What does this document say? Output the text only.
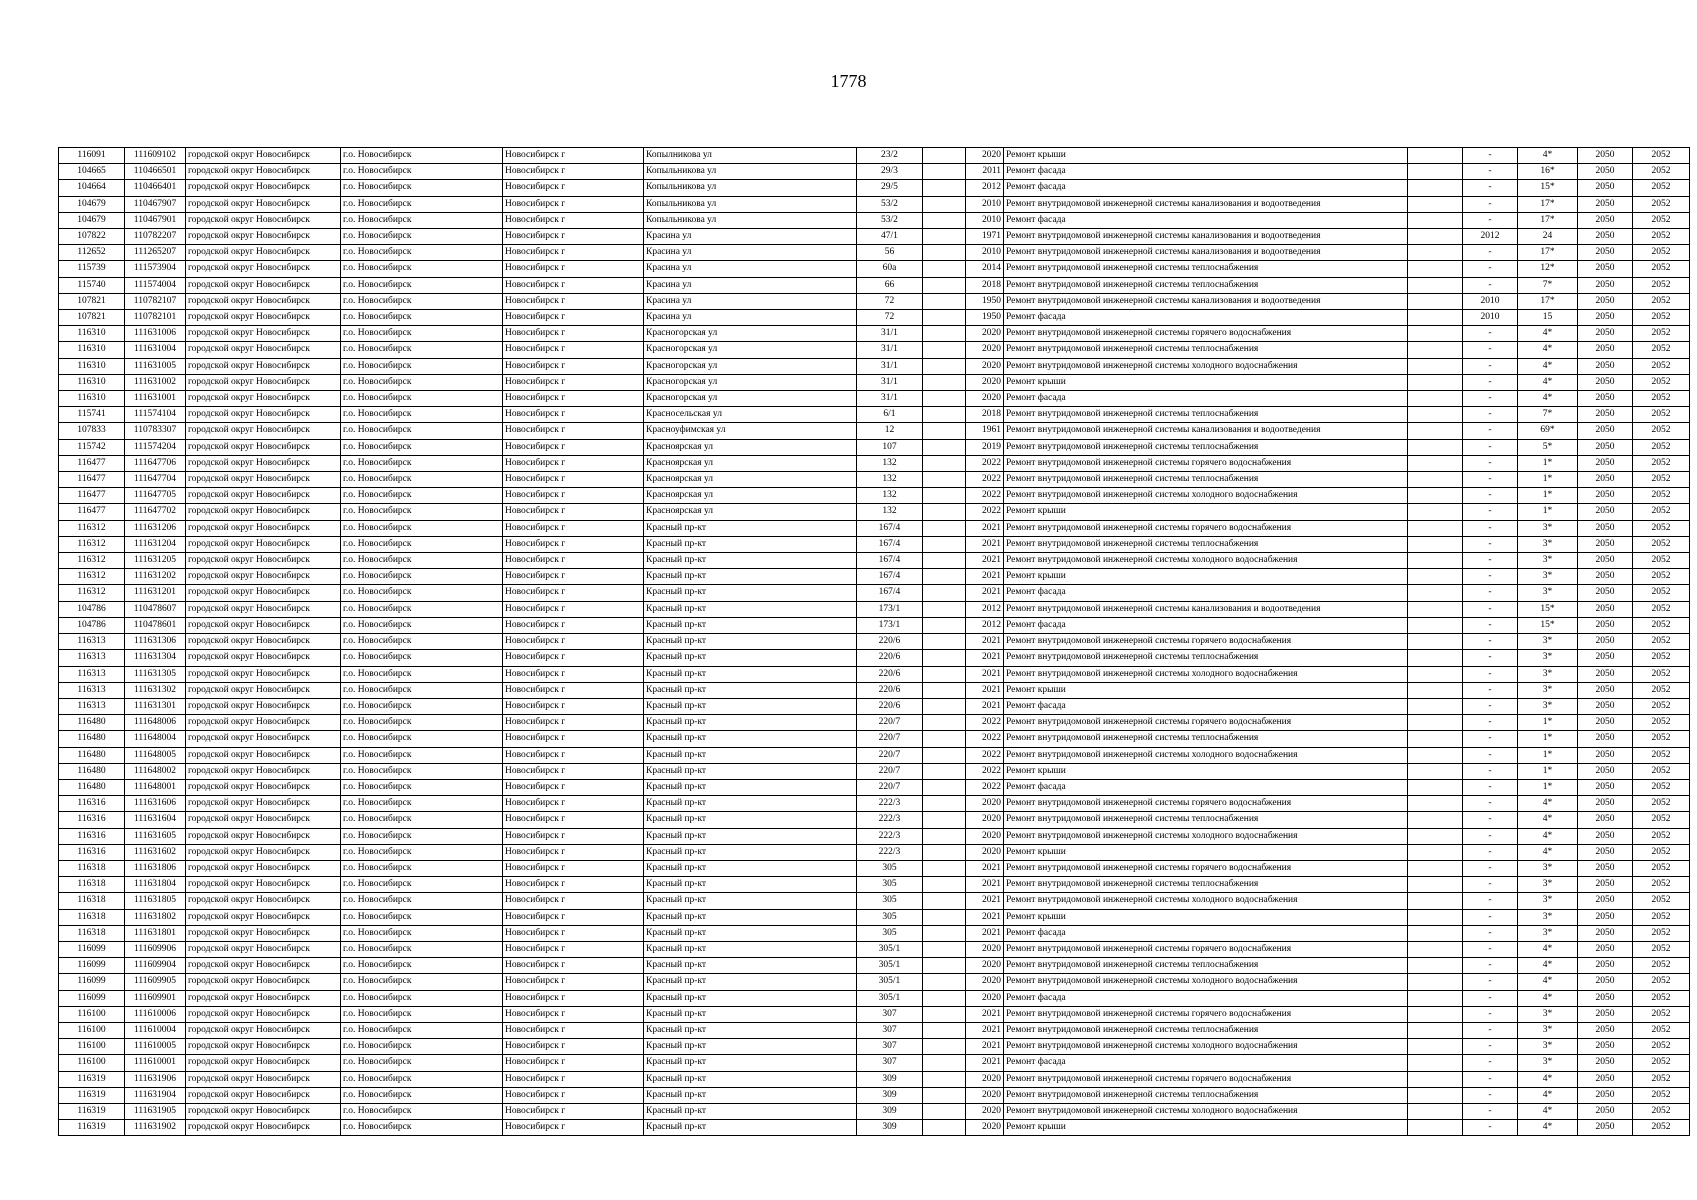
1778
116091	111609102	городской округ Новосибирск	г.о. Новосибирск	Новосибирск г	Копылникова ул	23/2		2020	Ремонт крыши		-	4*	2050	2052
104665	110466501	городской округ Новосибирск	г.о. Новосибирск	Новосибирск г	Копыльникова ул	29/3		2011	Ремонт фасада		-	16*	2050	2052
104664	110466401	городской округ Новосибирск	г.о. Новосибирск	Новосибирск г	Копыльникова ул	29/5		2012	Ремонт фасада		-	15*	2050	2052
104679	110467907	городской округ Новосибирск	г.о. Новосибирск	Новосибирск г	Копыльникова ул	53/2		2010	Ремонт внутридомовой инженерной системы канализования и водоотведения		-	17*	2050	2052
104679	110467901	городской округ Новосибирск	г.о. Новосибирск	Новосибирск г	Копыльникова ул	53/2		2010	Ремонт фасада		-	17*	2050	2052
107822	110782207	городской округ Новосибирск	г.о. Новосибирск	Новосибирск г	Красина ул	47/1		1971	Ремонт внутридомовой инженерной системы канализования и водоотведения		2012	24	2050	2052
112652	111265207	городской округ Новосибирск	г.о. Новосибирск	Новосибирск г	Красина ул	56		2010	Ремонт внутридомовой инженерной системы канализования и водоотведения		-	17*	2050	2052
115739	111573904	городской округ Новосибирск	г.о. Новосибирск	Новосибирск г	Красина ул	60а		2014	Ремонт внутридомовой инженерной системы теплоснабжения		-	12*	2050	2052
115740	111574004	городской округ Новосибирск	г.о. Новосибирск	Новосибирск г	Красина ул	66		2018	Ремонт внутридомовой инженерной системы теплоснабжения		-	7*	2050	2052
107821	110782107	городской округ Новосибирск	г.о. Новосибирск	Новосибирск г	Красина ул	72		1950	Ремонт внутридомовой инженерной системы канализования и водоотведения		2010	17*	2050	2052
107821	110782101	городской округ Новосибирск	г.о. Новосибирск	Новосибирск г	Красина ул	72		1950	Ремонт фасада		2010	15	2050	2052
116310	111631006	городской округ Новосибирск	г.о. Новосибирск	Новосибирск г	Красногорская ул	31/1		2020	Ремонт внутридомовой инженерной системы горячего водоснабжения		-	4*	2050	2052
116310	111631004	городской округ Новосибирск	г.о. Новосибирск	Новосибирск г	Красногорская ул	31/1		2020	Ремонт внутридомовой инженерной системы теплоснабжения		-	4*	2050	2052
116310	111631005	городской округ Новосибирск	г.о. Новосибирск	Новосибирск г	Красногорская ул	31/1		2020	Ремонт внутридомовой инженерной системы холодного водоснабжения		-	4*	2050	2052
116310	111631002	городской округ Новосибирск	г.о. Новосибирск	Новосибирск г	Красногорская ул	31/1		2020	Ремонт крыши		-	4*	2050	2052
116310	111631001	городской округ Новосибирск	г.о. Новосибирск	Новосибирск г	Красногорская ул	31/1		2020	Ремонт фасада		-	4*	2050	2052
115741	111574104	городской округ Новосибирск	г.о. Новосибирск	Новосибирск г	Красносельская ул	6/1		2018	Ремонт внутридомовой инженерной системы теплоснабжения		-	7*	2050	2052
107833	110783307	городской округ Новосибирск	г.о. Новосибирск	Новосибирск г	Красноуфимская ул	12		1961	Ремонт внутридомовой инженерной системы канализования и водоотведения		-	69*	2050	2052
115742	111574204	городской округ Новосибирск	г.о. Новосибирск	Новосибирск г	Красноярская ул	107		2019	Ремонт внутридомовой инженерной системы теплоснабжения		-	5*	2050	2052
116477	111647706	городской округ Новосибирск	г.о. Новосибирск	Новосибирск г	Красноярская ул	132		2022	Ремонт внутридомовой инженерной системы горячего водоснабжения		-	1*	2050	2052
116477	111647704	городской округ Новосибирск	г.о. Новосибирск	Новосибирск г	Красноярская ул	132		2022	Ремонт внутридомовой инженерной системы теплоснабжения		-	1*	2050	2052
116477	111647705	городской округ Новосибирск	г.о. Новосибирск	Новосибирск г	Красноярская ул	132		2022	Ремонт внутридомовой инженерной системы холодного водоснабжения		-	1*	2050	2052
116477	111647702	городской округ Новосибирск	г.о. Новосибирск	Новосибирск г	Красноярская ул	132		2022	Ремонт крыши		-	1*	2050	2052
116312	111631206	городской округ Новосибирск	г.о. Новосибирск	Новосибирск г	Красный пр-кт	167/4		2021	Ремонт внутридомовой инженерной системы горячего водоснабжения		-	3*	2050	2052
116312	111631204	городской округ Новосибирск	г.о. Новосибирск	Новосибирск г	Красный пр-кт	167/4		2021	Ремонт внутридомовой инженерной системы теплоснабжения		-	3*	2050	2052
116312	111631205	городской округ Новосибирск	г.о. Новосибирск	Новосибирск г	Красный пр-кт	167/4		2021	Ремонт внутридомовой инженерной системы холодного водоснабжения		-	3*	2050	2052
116312	111631202	городской округ Новосибирск	г.о. Новосибирск	Новосибирск г	Красный пр-кт	167/4		2021	Ремонт крыши		-	3*	2050	2052
116312	111631201	городской округ Новосибирск	г.о. Новосибирск	Новосибирск г	Красный пр-кт	167/4		2021	Ремонт фасада		-	3*	2050	2052
104786	110478607	городской округ Новосибирск	г.о. Новосибирск	Новосибирск г	Красный пр-кт	173/1		2012	Ремонт внутридомовой инженерной системы канализования и водоотведения		-	15*	2050	2052
104786	110478601	городской округ Новосибирск	г.о. Новосибирск	Новосибирск г	Красный пр-кт	173/1		2012	Ремонт фасада		-	15*	2050	2052
116313	111631306	городской округ Новосибирск	г.о. Новосибирск	Новосибирск г	Красный пр-кт	220/6		2021	Ремонт внутридомовой инженерной системы горячего водоснабжения		-	3*	2050	2052
116313	111631304	городской округ Новосибирск	г.о. Новосибирск	Новосибирск г	Красный пр-кт	220/6		2021	Ремонт внутридомовой инженерной системы теплоснабжения		-	3*	2050	2052
116313	111631305	городской округ Новосибирск	г.о. Новосибирск	Новосибирск г	Красный пр-кт	220/6		2021	Ремонт внутридомовой инженерной системы холодного водоснабжения		-	3*	2050	2052
116313	111631302	городской округ Новосибирск	г.о. Новосибирск	Новосибирск г	Красный пр-кт	220/6		2021	Ремонт крыши		-	3*	2050	2052
116313	111631301	городской округ Новосибирск	г.о. Новосибирск	Новосибирск г	Красный пр-кт	220/6		2021	Ремонт фасада		-	3*	2050	2052
116480	111648006	городской округ Новосибирск	г.о. Новосибирск	Новосибирск г	Красный пр-кт	220/7		2022	Ремонт внутридомовой инженерной системы горячего водоснабжения		-	1*	2050	2052
116480	111648004	городской округ Новосибирск	г.о. Новосибирск	Новосибирск г	Красный пр-кт	220/7		2022	Ремонт внутридомовой инженерной системы теплоснабжения		-	1*	2050	2052
116480	111648005	городской округ Новосибирск	г.о. Новосибирск	Новосибирск г	Красный пр-кт	220/7		2022	Ремонт внутридомовой инженерной системы холодного водоснабжения		-	1*	2050	2052
116480	111648002	городской округ Новосибирск	г.о. Новосибирск	Новосибирск г	Красный пр-кт	220/7		2022	Ремонт крыши		-	1*	2050	2052
116480	111648001	городской округ Новосибирск	г.о. Новосибирск	Новосибирск г	Красный пр-кт	220/7		2022	Ремонт фасада		-	1*	2050	2052
116316	111631606	городской округ Новосибирск	г.о. Новосибирск	Новосибирск г	Красный пр-кт	222/3		2020	Ремонт внутридомовой инженерной системы горячего водоснабжения		-	4*	2050	2052
116316	111631604	городской округ Новосибирск	г.о. Новосибирск	Новосибирск г	Красный пр-кт	222/3		2020	Ремонт внутридомовой инженерной системы теплоснабжения		-	4*	2050	2052
116316	111631605	городской округ Новосибирск	г.о. Новосибирск	Новосибирск г	Красный пр-кт	222/3		2020	Ремонт внутридомовой инженерной системы холодного водоснабжения		-	4*	2050	2052
116316	111631602	городской округ Новосибирск	г.о. Новосибирск	Новосибирск г	Красный пр-кт	222/3		2020	Ремонт крыши		-	4*	2050	2052
116318	111631806	городской округ Новосибирск	г.о. Новосибирск	Новосибирск г	Красный пр-кт	305		2021	Ремонт внутридомовой инженерной системы горячего водоснабжения		-	3*	2050	2052
116318	111631804	городской округ Новосибирск	г.о. Новосибирск	Новосибирск г	Красный пр-кт	305		2021	Ремонт внутридомовой инженерной системы теплоснабжения		-	3*	2050	2052
116318	111631805	городской округ Новосибирск	г.о. Новосибирск	Новосибирск г	Красный пр-кт	305		2021	Ремонт внутридомовой инженерной системы холодного водоснабжения		-	3*	2050	2052
116318	111631802	городской округ Новосибирск	г.о. Новосибирск	Новосибирск г	Красный пр-кт	305		2021	Ремонт крыши		-	3*	2050	2052
116318	111631801	городской округ Новосибирск	г.о. Новосибирск	Новосибирск г	Красный пр-кт	305		2021	Ремонт фасада		-	3*	2050	2052
116099	111609906	городской округ Новосибирск	г.о. Новосибирск	Новосибирск г	Красный пр-кт	305/1		2020	Ремонт внутридомовой инженерной системы горячего водоснабжения		-	4*	2050	2052
116099	111609904	городской округ Новосибирск	г.о. Новосибирск	Новосибирск г	Красный пр-кт	305/1		2020	Ремонт внутридомовой инженерной системы теплоснабжения		-	4*	2050	2052
116099	111609905	городской округ Новосибирск	г.о. Новосибирск	Новосибирск г	Красный пр-кт	305/1		2020	Ремонт внутридомовой инженерной системы холодного водоснабжения		-	4*	2050	2052
116099	111609901	городской округ Новосибирск	г.о. Новосибирск	Новосибирск г	Красный пр-кт	305/1		2020	Ремонт фасада		-	4*	2050	2052
116100	111610006	городской округ Новосибирск	г.о. Новосибирск	Новосибирск г	Красный пр-кт	307		2021	Ремонт внутридомовой инженерной системы горячего водоснабжения		-	3*	2050	2052
116100	111610004	городской округ Новосибирск	г.о. Новосибирск	Новосибирск г	Красный пр-кт	307		2021	Ремонт внутридомовой инженерной системы теплоснабжения		-	3*	2050	2052
116100	111610005	городской округ Новосибирск	г.о. Новосибирск	Новосибирск г	Красный пр-кт	307		2021	Ремонт внутридомовой инженерной системы холодного водоснабжения		-	3*	2050	2052
116100	111610001	городской округ Новосибирск	г.о. Новосибирск	Новосибирск г	Красный пр-кт	307		2021	Ремонт фасада		-	3*	2050	2052
116319	111631906	городской округ Новосибирск	г.о. Новосибирск	Новосибирск г	Красный пр-кт	309		2020	Ремонт внутридомовой инженерной системы горячего водоснабжения		-	4*	2050	2052
116319	111631904	городской округ Новосибирск	г.о. Новосибирск	Новосибирск г	Красный пр-кт	309		2020	Ремонт внутридомовой инженерной системы теплоснабжения		-	4*	2050	2052
116319	111631905	городской округ Новосибирск	г.о. Новосибирск	Новосибирск г	Красный пр-кт	309		2020	Ремонт внутридомовой инженерной системы холодного водоснабжения		-	4*	2050	2052
116319	111631902	городской округ Новосибирск	г.о. Новосибирск	Новосибирск г	Красный пр-кт	309		2020	Ремонт крыши		-	4*	2050	2052
